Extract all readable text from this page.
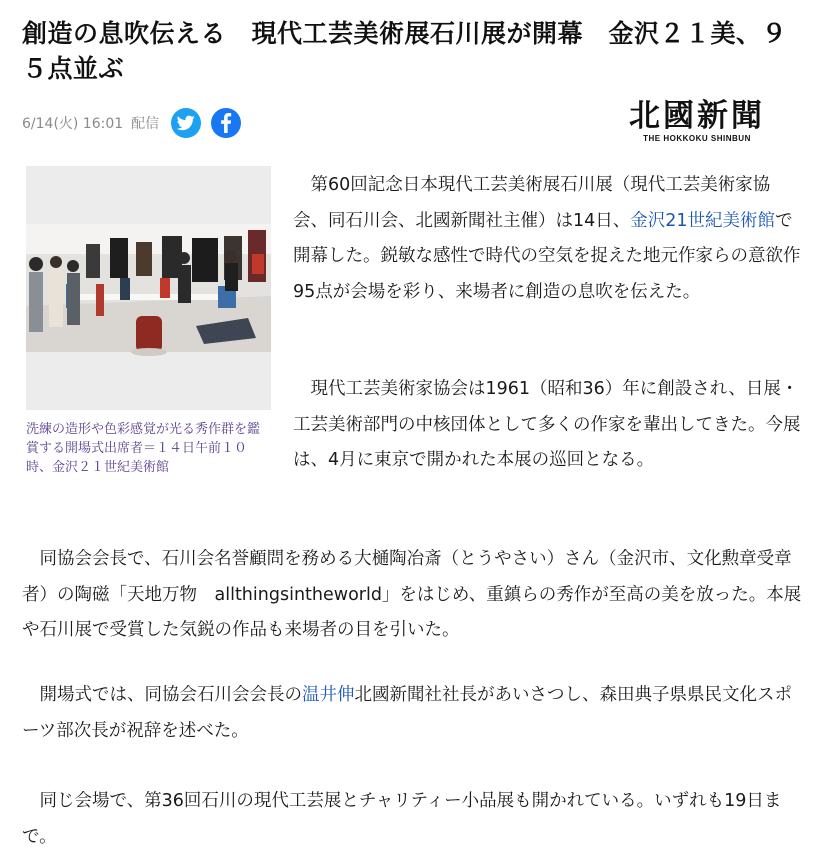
創造の息吹伝える　現代工芸美術展石川展が開幕　金沢２１美、９５点並ぶ
6/14(火) 16:01 配信	北國新聞
THE HOKKOKU SHINBUN

洗練の造形や色彩感覚が光る秀作群を鑑賞する開場式出席者＝１４日午前１０時、金沢２１世紀美術館

第60回記念日本現代工芸美術展石川展（現代工芸美術家協会、同石川会、北國新聞社主催）は14日、金沢21世紀美術館で開幕した。鋭敏な感性で時代の空気を捉えた地元作家らの意欲作95点が会場を彩り、来場者に創造の息吹を伝えた。

現代工芸美術家協会は1961（昭和36）年に創設され、日展・工芸美術部門の中核団体として多くの作家を輩出してきた。今展は、4月に東京で開かれた本展の巡回となる。

同協会会長で、石川会名誉顧問を務める大樋陶冶斎（とうやさい）さん（金沢市、文化勲章受章者）の陶磁「天地万物　allthingsintheworld」をはじめ、重鎮らの秀作が至高の美を放った。本展や石川展で受賞した気鋭の作品も来場者の目を引いた。

開場式では、同協会石川会会長の温井伸北國新聞社社長があいさつし、森田典子県県民文化スポーツ部次長が祝辞を述べた。

同じ会場で、第36回石川の現代工芸展とチャリティー小品展も開かれている。いずれも19日まで。
